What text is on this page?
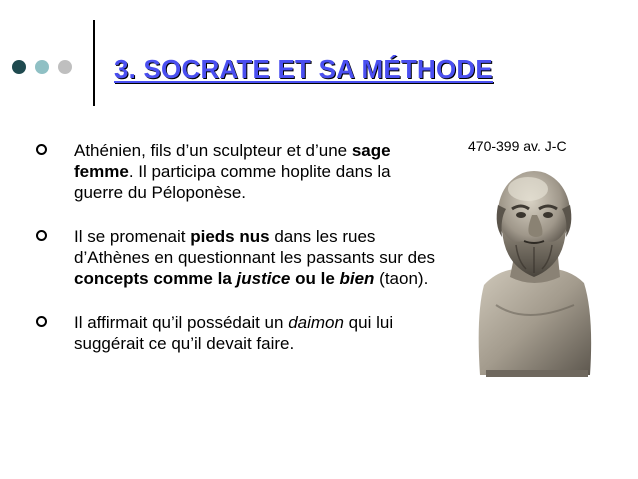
3. SOCRATE ET SA MÉTHODE
Athénien, fils d’un sculpteur et d’une sage femme. Il participa comme hoplite dans la guerre du Péloponèse.
Il se promenait pieds nus dans les rues d’Athènes en questionnant les passants sur des concepts comme la justice ou le bien (taon).
Il affirmait qu’il possédait un daimon qui lui suggérait ce qu’il devait faire.
470-399 av. J-C
